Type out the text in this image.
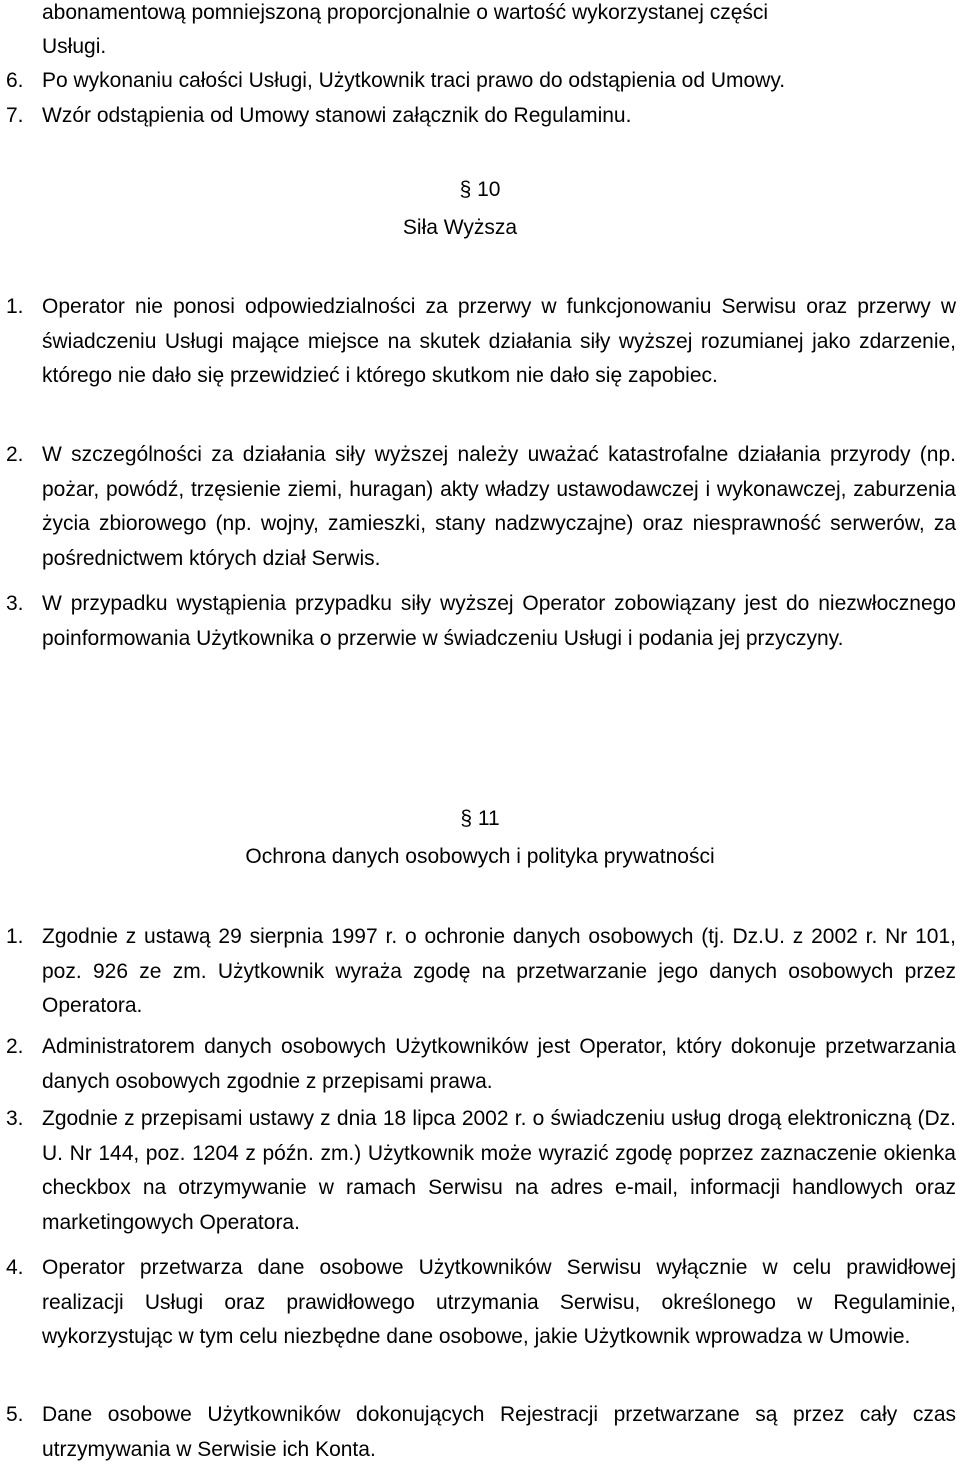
abonamentową pomniejszoną proporcjonalnie o wartość wykorzystanej części
Usługi.
6. Po wykonaniu całości Usługi, Użytkownik traci prawo do odstąpienia od Umowy.
7. Wzór odstąpienia od Umowy stanowi załącznik do Regulaminu.
§ 10
Siła Wyższa
1. Operator nie ponosi odpowiedzialności za przerwy w funkcjonowaniu Serwisu oraz przerwy w świadczeniu Usługi mające miejsce na skutek działania siły wyższej rozumianej jako zdarzenie, którego nie dało się przewidzieć i którego skutkom nie dało się zapobiec.
2. W szczególności za działania siły wyższej należy uważać katastrofalne działania przyrody (np. pożar, powódź, trzęsienie ziemi, huragan) akty władzy ustawodawczej i wykonawczej, zaburzenia życia zbiorowego (np. wojny, zamieszki, stany nadzwyczajne) oraz niesprawność serwerów, za pośrednictwem których dział Serwis.
3. W przypadku wystąpienia przypadku siły wyższej Operator zobowiązany jest do niezwłocznego poinformowania Użytkownika o przerwie w świadczeniu Usługi i podania jej przyczyny.
§ 11
Ochrona danych osobowych i polityka prywatności
1. Zgodnie z ustawą 29 sierpnia 1997 r. o ochronie danych osobowych (tj. Dz.U. z 2002 r. Nr 101, poz. 926 ze zm. Użytkownik wyraża zgodę na przetwarzanie jego danych osobowych przez Operatora.
2. Administratorem danych osobowych Użytkowników jest Operator, który dokonuje przetwarzania danych osobowych zgodnie z przepisami prawa.
3. Zgodnie z przepisami ustawy z dnia 18 lipca 2002 r. o świadczeniu usług drogą elektroniczną (Dz. U. Nr 144, poz. 1204 z późn. zm.) Użytkownik może wyrazić zgodę poprzez zaznaczenie okienka checkbox na otrzymywanie w ramach Serwisu na adres e-mail, informacji handlowych oraz marketingowych Operatora.
4. Operator przetwarza dane osobowe Użytkowników Serwisu wyłącznie w celu prawidłowej realizacji Usługi oraz prawidłowego utrzymania Serwisu, określonego w Regulaminie, wykorzystując w tym celu niezbędne dane osobowe, jakie Użytkownik wprowadza w Umowie.
5. Dane osobowe Użytkowników dokonujących Rejestracji przetwarzane są przez cały czas utrzymywania w Serwisie ich Konta.
